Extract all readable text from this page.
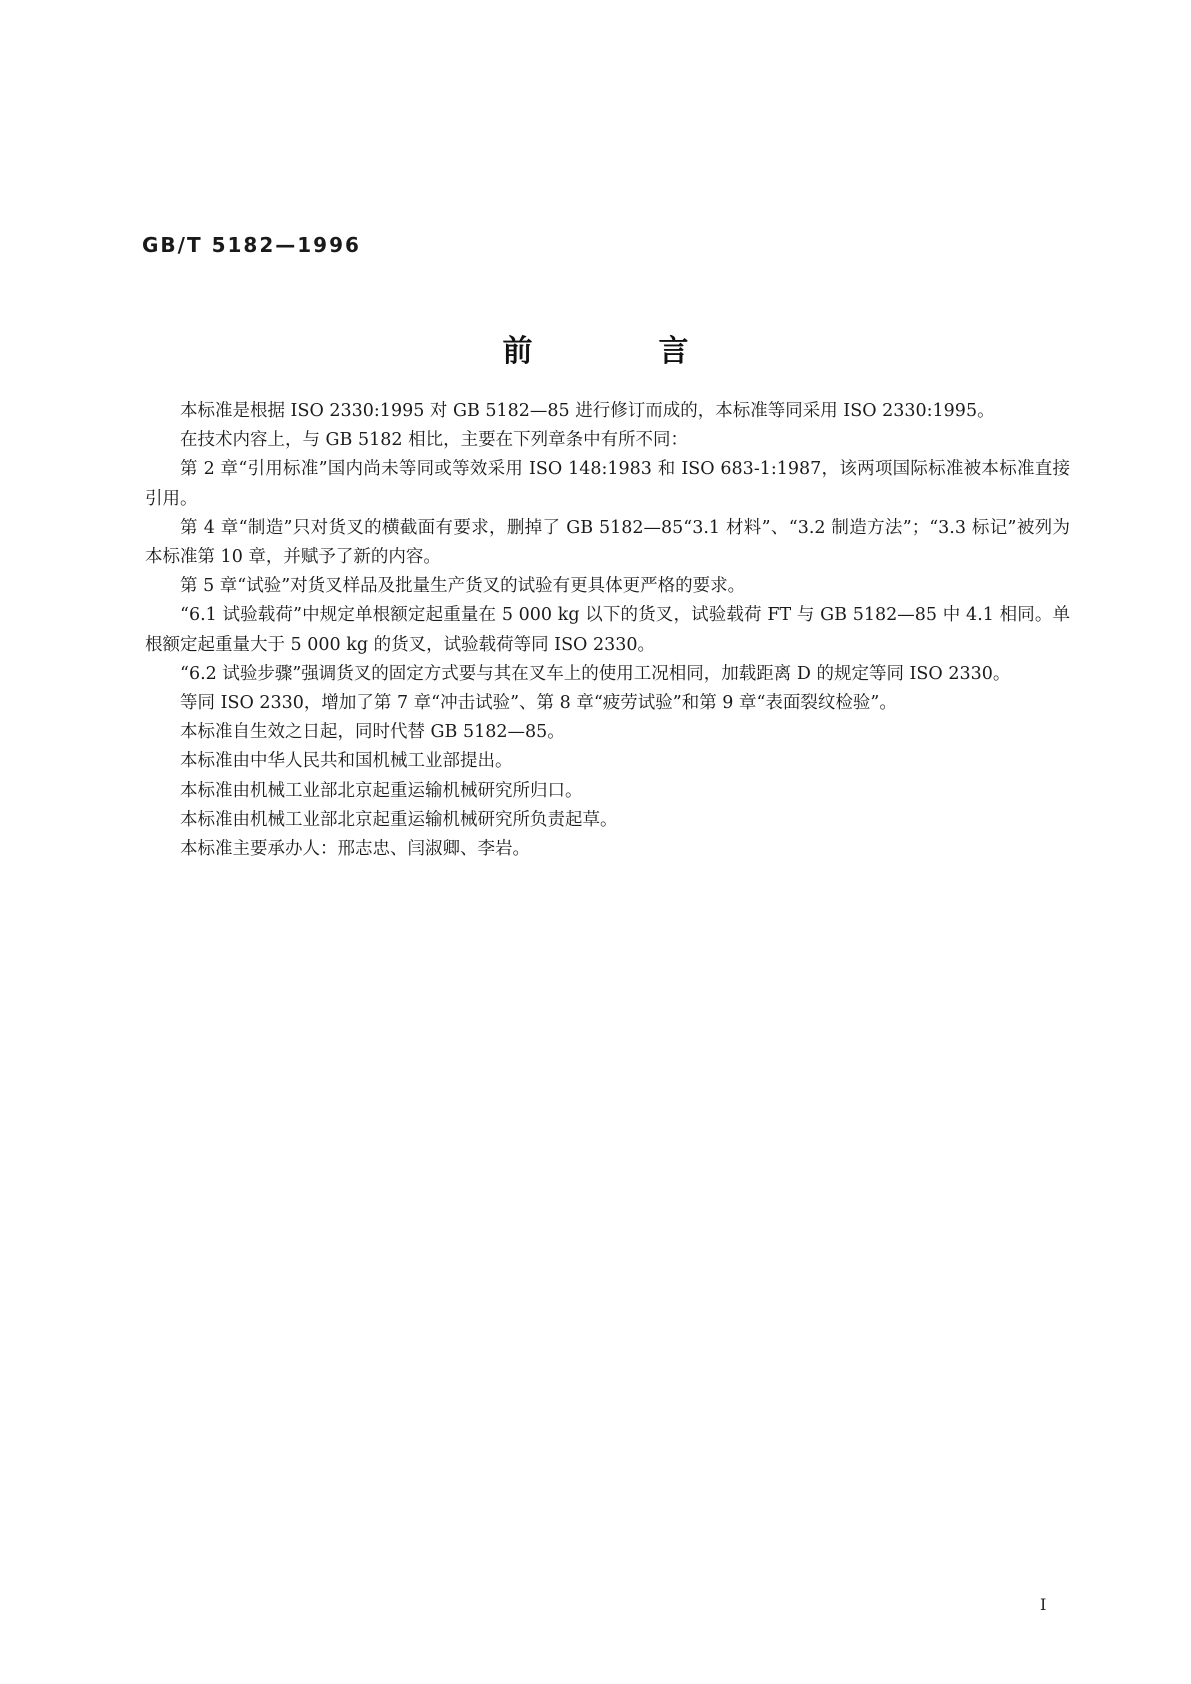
GB/T 5182—1996
前　言

本标准是根据 ISO 2330:1995 对 GB 5182—85 进行修订而成的，本标准等同采用 ISO 2330:1995。

在技术内容上，与 GB 5182 相比，主要在下列章条中有所不同：

第 2 章“引用标准”国内尚未等同或等效采用 ISO 148:1983 和 ISO 683-1:1987，该两项国际标准被本标准直接引用。

第 4 章“制造”只对货叉的横截面有要求，删掉了 GB 5182—85“3.1 材料”、“3.2 制造方法”；“3.3 标记”被列为本标准第 10 章，并赋予了新的内容。

第 5 章“试验”对货叉样品及批量生产货叉的试验有更具体更严格的要求。

“6.1 试验载荷”中规定单根额定起重量在 5 000 kg 以下的货叉，试验载荷 FT 与 GB 5182—85 中 4.1 相同。单根额定起重量大于 5 000 kg 的货叉，试验载荷等同 ISO 2330。

“6.2 试验步骤”强调货叉的固定方式要与其在叉车上的使用工况相同，加载距离 D 的规定等同 ISO 2330。

等同 ISO 2330，增加了第 7 章“冲击试验”、第 8 章“疲劳试验”和第 9 章“表面裂纹检验”。

本标准自生效之日起，同时代替 GB 5182—85。

本标准由中华人民共和国机械工业部提出。

本标准由机械工业部北京起重运输机械研究所归口。

本标准由机械工业部北京起重运输机械研究所负责起草。

本标准主要承办人：邢志忠、闫淑卿、李岩。

I
